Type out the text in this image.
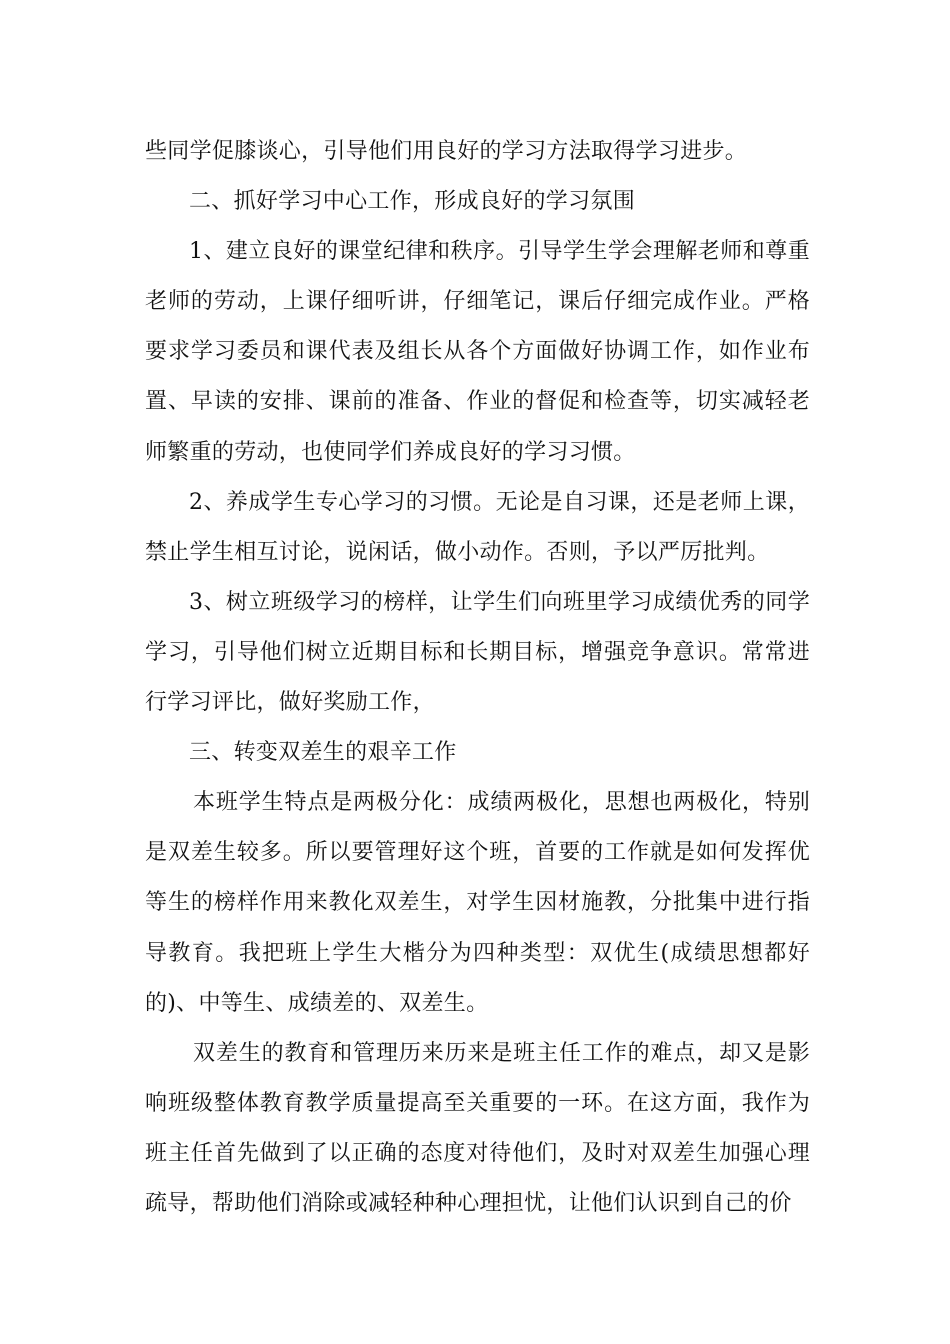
些同学促膝谈心，引导他们用良好的学习方法取得学习进步。
二、抓好学习中心工作，形成良好的学习氛围
1、建立良好的课堂纪律和秩序。引导学生学会理解老师和尊重
老师的劳动，上课仔细听讲，仔细笔记，课后仔细完成作业。严格
要求学习委员和课代表及组长从各个方面做好协调工作，如作业布
置、早读的安排、课前的准备、作业的督促和检查等，切实减轻老
师繁重的劳动，也使同学们养成良好的学习习惯。
2、养成学生专心学习的习惯。无论是自习课，还是老师上课，
禁止学生相互讨论，说闲话，做小动作。否则，予以严厉批判。
3、树立班级学习的榜样，让学生们向班里学习成绩优秀的同学
学习，引导他们树立近期目标和长期目标，增强竞争意识。常常进
行学习评比，做好奖励工作，
三、转变双差生的艰辛工作
本班学生特点是两极分化：成绩两极化，思想也两极化，特别
是双差生较多。所以要管理好这个班，首要的工作就是如何发挥优
等生的榜样作用来教化双差生，对学生因材施教，分批集中进行指
导教育。我把班上学生大楷分为四种类型：双优生(成绩思想都好
的)、中等生、成绩差的、双差生。
双差生的教育和管理历来历来是班主任工作的难点，却又是影
响班级整体教育教学质量提高至关重要的一环。在这方面，我作为
班主任首先做到了以正确的态度对待他们，及时对双差生加强心理
疏导，帮助他们消除或减轻种种心理担忧，让他们认识到自己的价
